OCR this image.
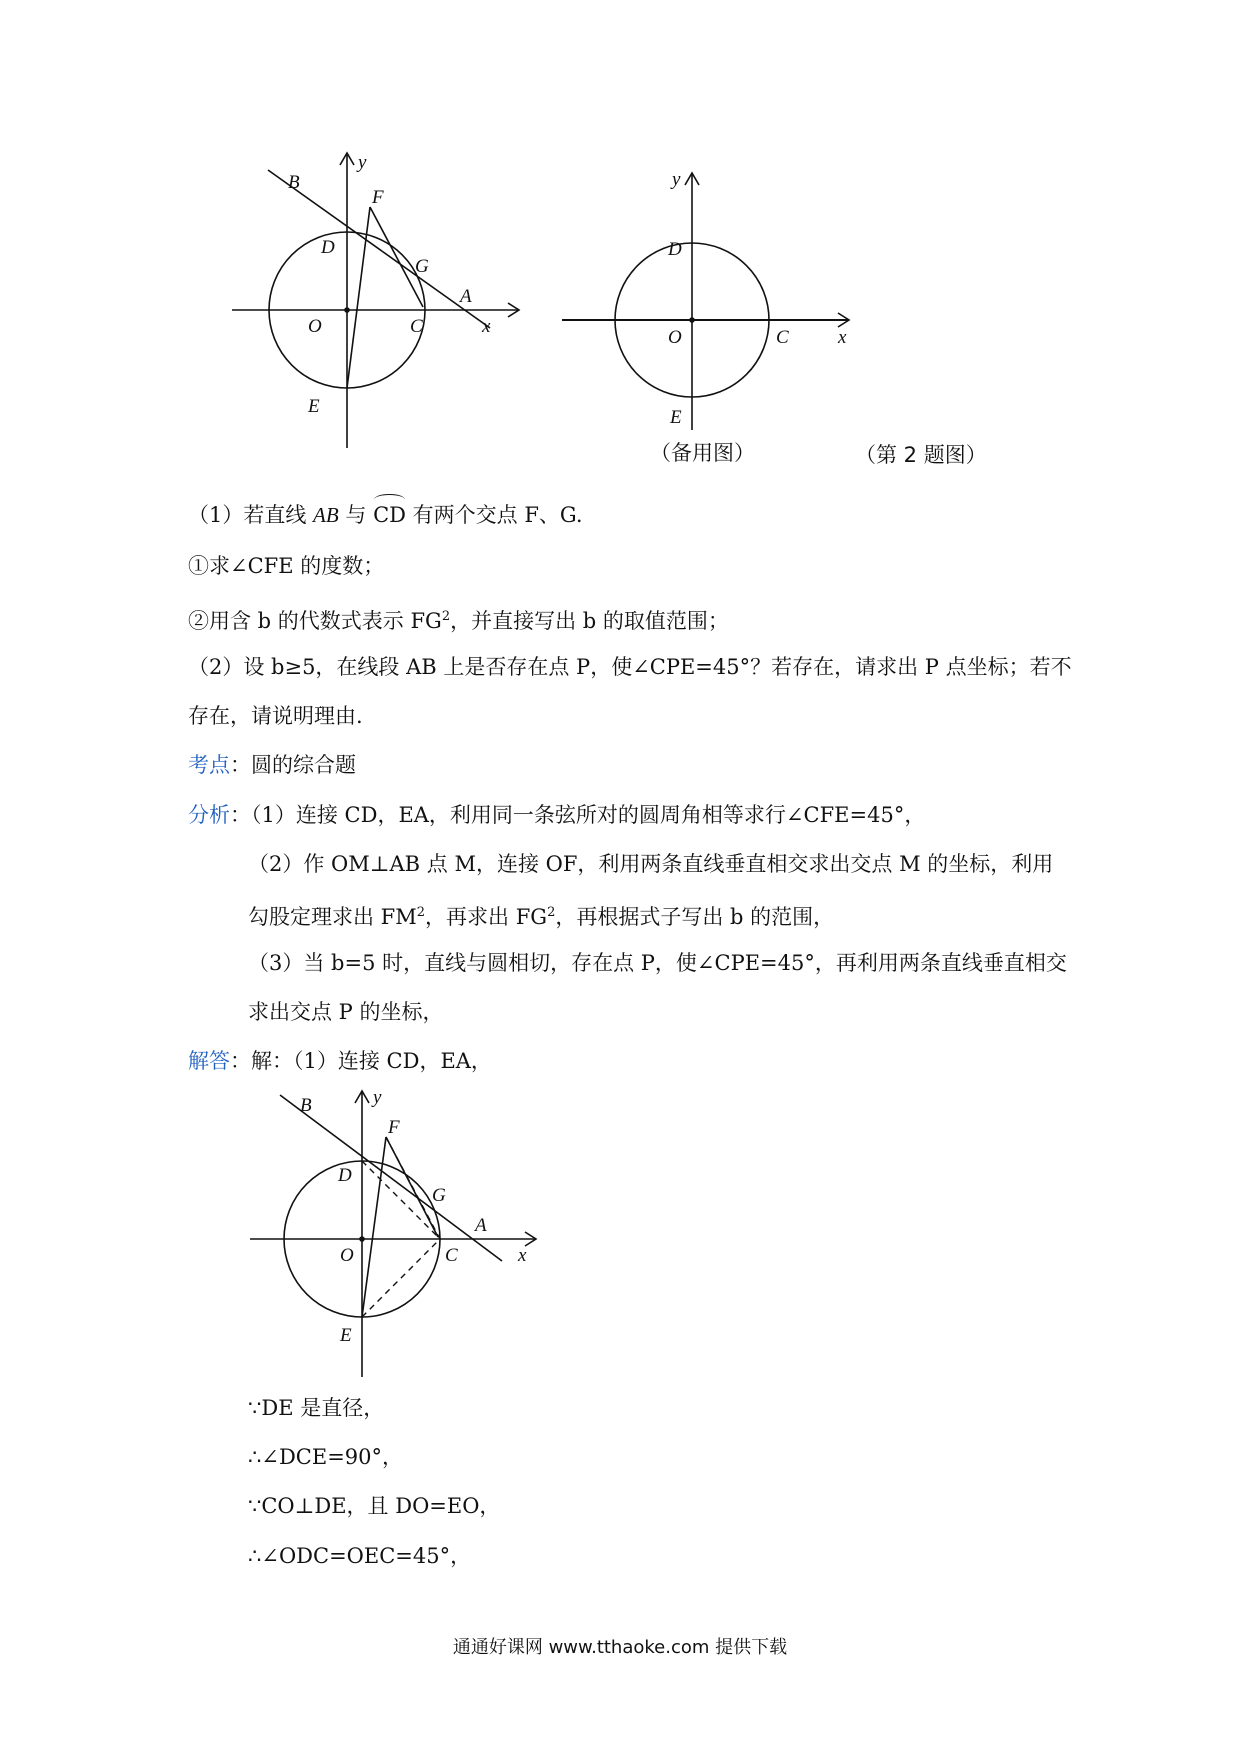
y
B
F
D
G
A
O	C	x
E
y
D
O	C	x
E
（备用图）	（第 2 题图）
（1）若直线 AB 与 CD 有两个交点 F、G.
①求∠CFE 的度数；
②用含 b 的代数式表示 $FG^2$，并直接写出 b 的取值范围；
（2）设 b≥5，在线段 AB 上是否存在点 P，使∠CPE=45°？若存在，请求出 P 点坐标；若不
存在，请说明理由.
考点：圆的综合题
分析：（1）连接 CD，EA，利用同一条弦所对的圆周角相等求行∠CFE=45°，
（2）作 OM⊥AB 点 M，连接 OF，利用两条直线垂直相交求出交点 M 的坐标，利用
勾股定理求出 $FM^2$，再求出 $FG^2$，再根据式子写出 b 的范围，
（3）当 b=5 时，直线与圆相切，存在点 P，使∠CPE=45°，再利用两条直线垂直相交
求出交点 P 的坐标，
解答：解：（1）连接 CD，EA，
y
B
F
D
G
A
O	C	x
E
∵DE 是直径，
∴∠DCE=90°，
∵CO⊥DE，且 DO=EO，
∴∠ODC=OEC=45°，
通通好课网 www.tthaoke.com 提供下载
